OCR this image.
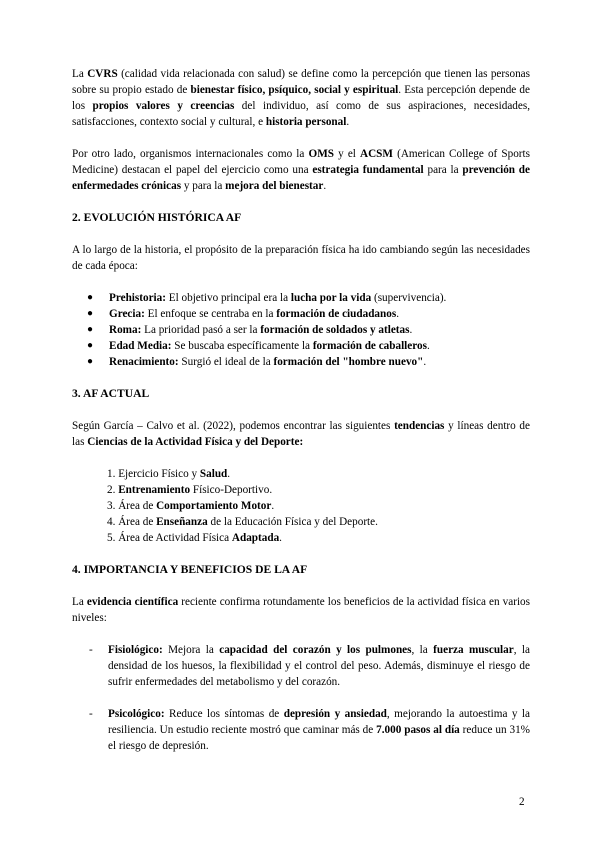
La CVRS (calidad vida relacionada con salud) se define como la percepción que tienen las personas sobre su propio estado de bienestar físico, psíquico, social y espiritual. Esta percepción depende de los propios valores y creencias del individuo, así como de sus aspiraciones, necesidades, satisfacciones, contexto social y cultural, e historia personal.

Por otro lado, organismos internacionales como la OMS y el ACSM (American College of Sports Medicine) destacan el papel del ejercicio como una estrategia fundamental para la prevención de enfermedades crónicas y para la mejora del bienestar.

2. EVOLUCIÓN HISTÓRICA AF

A lo largo de la historia, el propósito de la preparación física ha ido cambiando según las necesidades de cada época:

● Prehistoria: El objetivo principal era la lucha por la vida (supervivencia).
● Grecia: El enfoque se centraba en la formación de ciudadanos.
● Roma: La prioridad pasó a ser la formación de soldados y atletas.
● Edad Media: Se buscaba específicamente la formación de caballeros.
● Renacimiento: Surgió el ideal de la formación del "hombre nuevo".
3. AF ACTUAL

Según García – Calvo et al. (2022), podemos encontrar las siguientes tendencias y líneas dentro de las Ciencias de la Actividad Física y del Deporte:

1. Ejercicio Físico y Salud.
2. Entrenamiento Físico-Deportivo.
3. Área de Comportamiento Motor.
4. Área de Enseñanza de la Educación Física y del Deporte.
5. Área de Actividad Física Adaptada.
4. IMPORTANCIA Y BENEFICIOS DE LA AF

La evidencia científica reciente confirma rotundamente los beneficios de la actividad física en varios niveles:

- Fisiológico: Mejora la capacidad del corazón y los pulmones, la fuerza muscular, la densidad de los huesos, la flexibilidad y el control del peso. Además, disminuye el riesgo de sufrir enfermedades del metabolismo y del corazón.
- Psicológico: Reduce los síntomas de depresión y ansiedad, mejorando la autoestima y la resiliencia. Un estudio reciente mostró que caminar más de 7.000 pasos al día reduce un 31% el riesgo de depresión.
2
